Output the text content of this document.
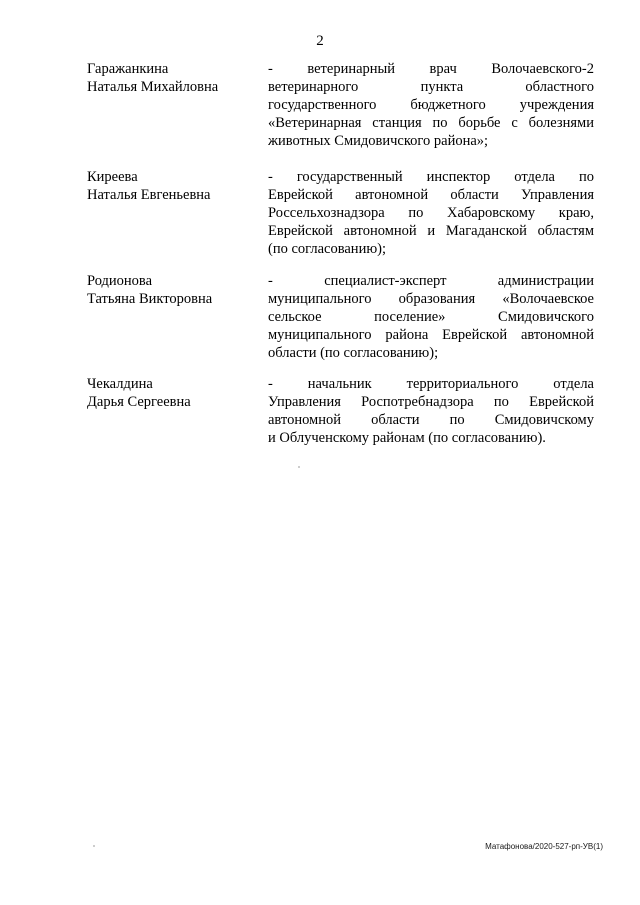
2
Гаражанкина
Наталья Михайловна
- ветеринарный врач Волочаевского-2
ветеринарного пункта областного
государственного бюджетного учреждения
«Ветеринарная станция по борьбе с болезнями
животных Смидовичского района»;
Киреева
Наталья Евгеньевна
- государственный инспектор отдела по
Еврейской автономной области Управления
Россельхознадзора по Хабаровскому краю,
Еврейской автономной и Магаданской областям
(по согласованию);
Родионова
Татьяна Викторовна
- специалист-эксперт администрации
муниципального образования «Волочаевское
сельское поселение» Смидовичского
муниципального района Еврейской автономной
области (по согласованию);
Чекалдина
Дарья Сергеевна
- начальник территориального отдела
Управления Роспотребнадзора по Еврейской
автономной области по Смидовичскому
и Облученскому районам (по согласованию).
Матафонова/2020-527-рп-УВ(1)
